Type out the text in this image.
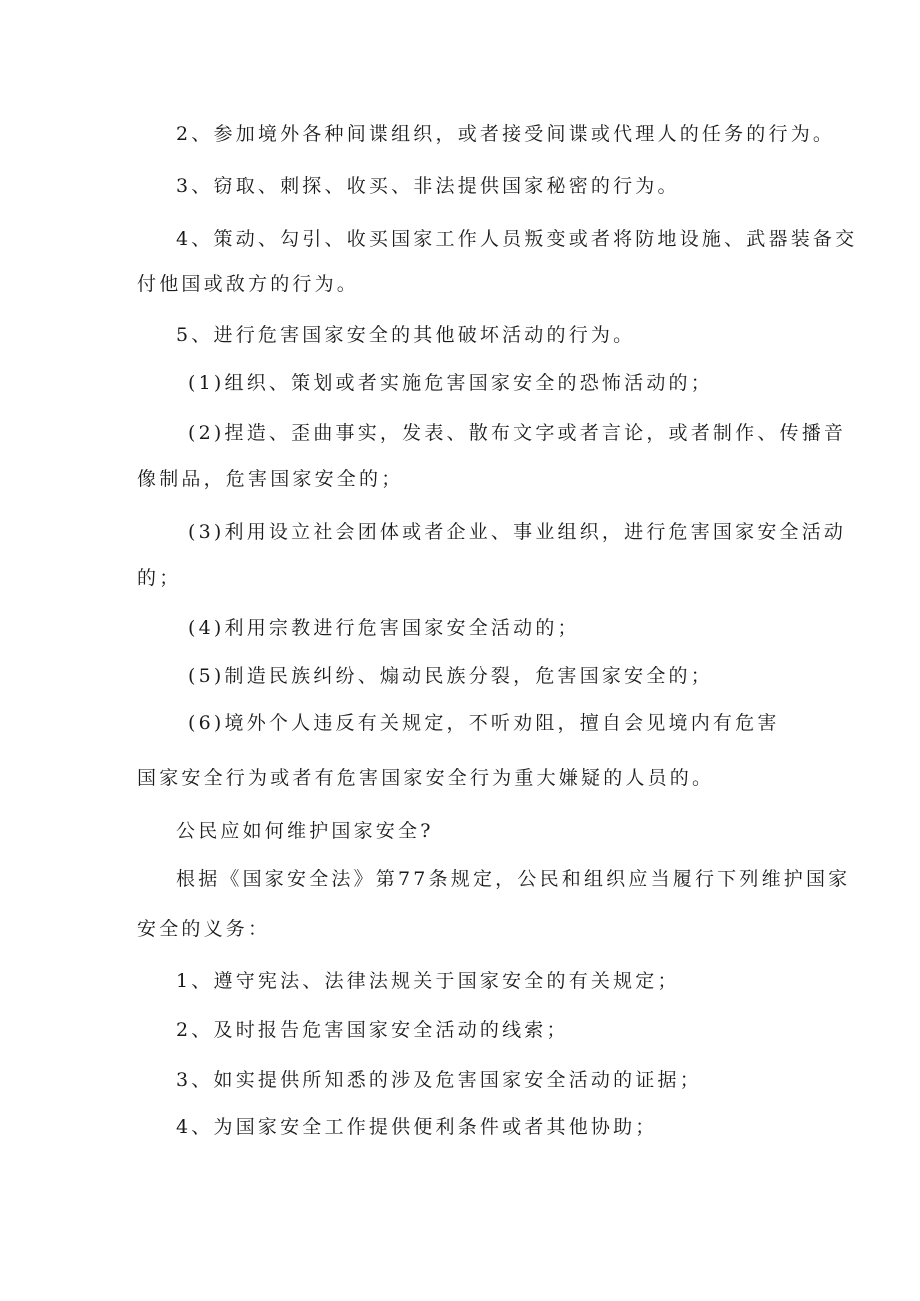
2、参加境外各种间谍组织，或者接受间谍或代理人的任务的行为。
3、窃取、刺探、收买、非法提供国家秘密的行为。
4、策动、勾引、收买国家工作人员叛变或者将防地设施、武器装备交
付他国或敌方的行为。
5、进行危害国家安全的其他破坏活动的行为。
(1)组织、策划或者实施危害国家安全的恐怖活动的；
(2)捏造、歪曲事实，发表、散布文字或者言论，或者制作、传播音
像制品，危害国家安全的；
(3)利用设立社会团体或者企业、事业组织，进行危害国家安全活动
的；
(4)利用宗教进行危害国家安全活动的；
(5)制造民族纠纷、煽动民族分裂，危害国家安全的；
(6)境外个人违反有关规定，不听劝阻，擅自会见境内有危害
国家安全行为或者有危害国家安全行为重大嫌疑的人员的。
公民应如何维护国家安全?
根据《国家安全法》第77条规定，公民和组织应当履行下列维护国家
安全的义务：
1、遵守宪法、法律法规关于国家安全的有关规定；
2、及时报告危害国家安全活动的线索；
3、如实提供所知悉的涉及危害国家安全活动的证据；
4、为国家安全工作提供便利条件或者其他协助；
